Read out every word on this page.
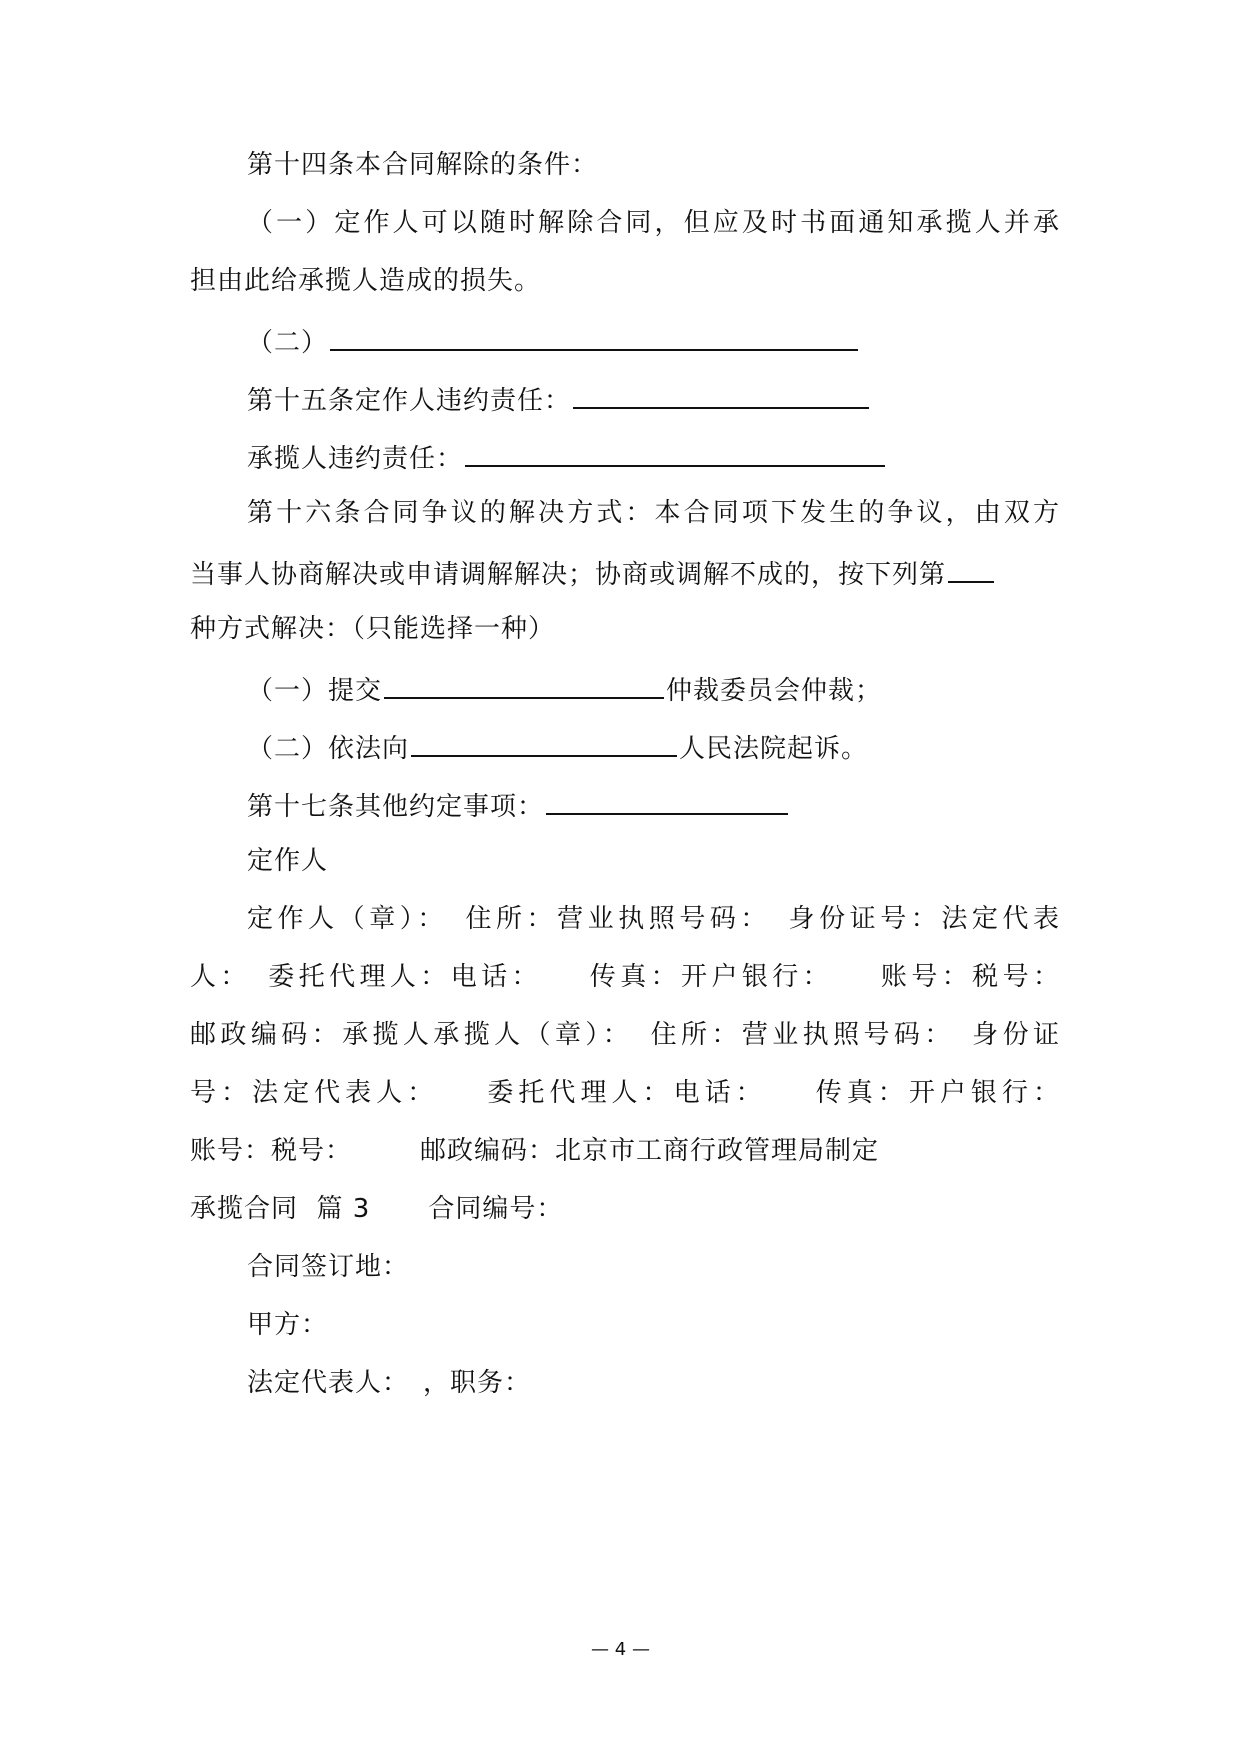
第十四条本合同解除的条件：
（一）定作人可以随时解除合同，但应及时书面通知承揽人并承
担由此给承揽人造成的损失。
（二）
第十五条定作人违约责任：
承揽人违约责任：
第十六条合同争议的解决方式：本合同项下发生的争议，由双方
当事人协商解决或申请调解解决；协商或调解不成的，按下列第
种方式解决：（只能选择一种）
（一）提交	仲裁委员会仲裁；
（二）依法向	人民法院起诉。
第十七条其他约定事项：
定作人
定作人（章）：　住所：营业执照号码：　身份证号：法定代表
人：　委托代理人：电话：　　传真：开户银行：　　账号：税号：
邮政编码：承揽人承揽人（章）：　住所：营业执照号码：　身份证
号：法定代表人：　　委托代理人：电话：　　传真：开户银行：
账号：税号：　　　邮政编码：北京市工商行政管理局制定
承揽合同  篇 3 合同编号：
合同签订地：
甲方：
法定代表人：　，职务：
— 4 —
